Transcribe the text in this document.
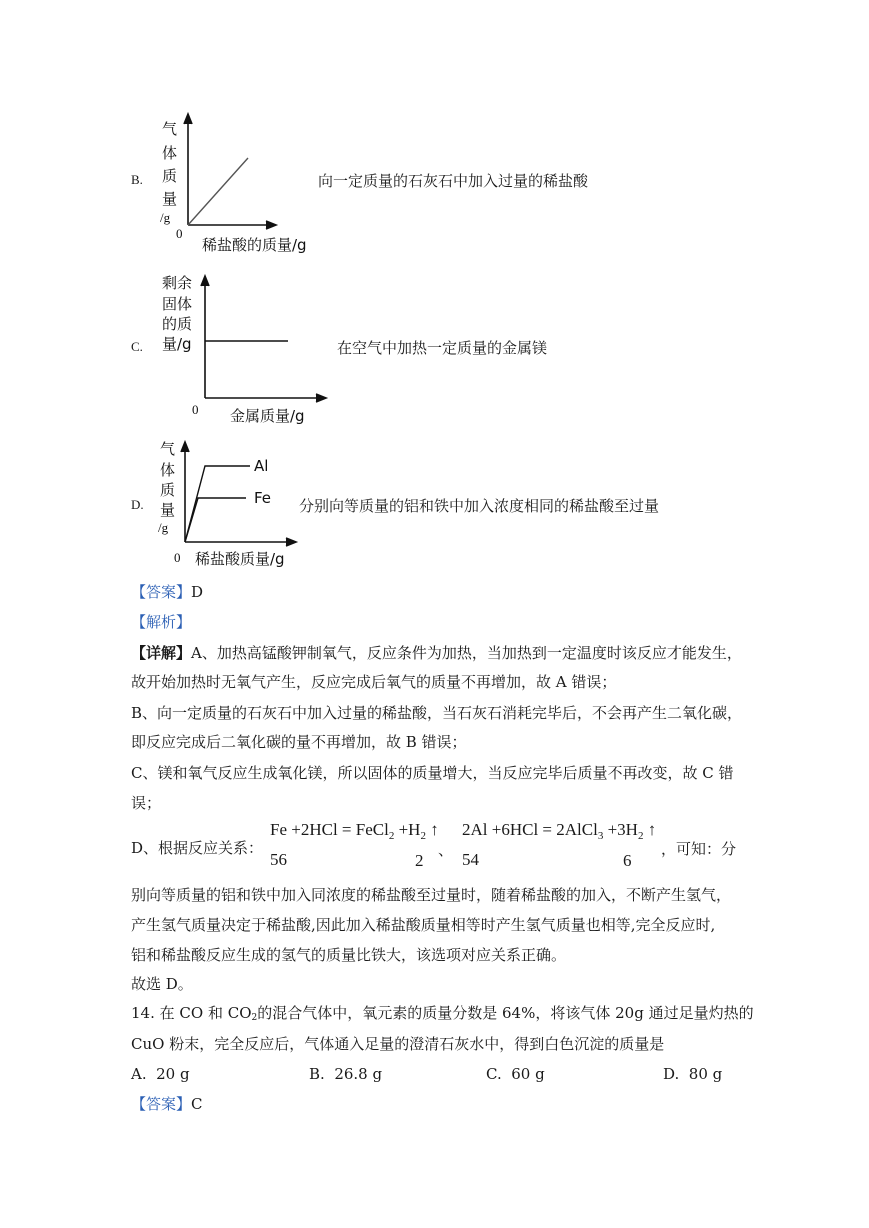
B.
气
体
质
量
/g
0
稀盐酸的质量/g
向一定质量的石灰石中加入过量的稀盐酸
C.
剩余
固体
的质
量/g
0 金属质量/g
在空气中加热一定质量的金属镁
D.
气
体
质
量
/g
Al
Fe
0 稀盐酸质量/g
分别向等质量的铝和铁中加入浓度相同的稀盐酸至过量
【答案】D
【解析】
【详解】A、加热高锰酸钾制氧气，反应条件为加热，当加热到一定温度时该反应才能发生，
故开始加热时无氧气产生，反应完成后氧气的质量不再增加，故 A 错误；
B、向一定质量的石灰石中加入过量的稀盐酸，当石灰石消耗完毕后，不会再产生二氧化碳，
即反应完成后二氧化碳的量不再增加，故 B 错误；
C、镁和氧气反应生成氧化镁，所以固体的质量增大，当反应完毕后质量不再改变，故 C 错
误；
D、根据反应关系：
Fe +2HCl = FeCl$_2$ $+H_2$ ↑
56	2
、
2Al +6HCl = 2AlCl$_3$ $+3H_2$ ↑
54	6
，可知：分
别向等质量的铝和铁中加入同浓度的稀盐酸至过量时，随着稀盐酸的加入，不断产生氢气，
产生氢气质量决定于稀盐酸,因此加入稀盐酸质量相等时产生氢气质量也相等,完全反应时,
铝和稀盐酸反应生成的氢气的质量比铁大，该选项对应关系正确。
故选 D。
14. 在 CO 和 CO2的混合气体中，氧元素的质量分数是 64%，将该气体 20g 通过足量灼热的
CuO 粉末，完全反应后，气体通入足量的澄清石灰水中，得到白色沉淀的质量是
A.  20 g	B.  26.8 g	C.  60 g	D.  80 g
【答案】C
